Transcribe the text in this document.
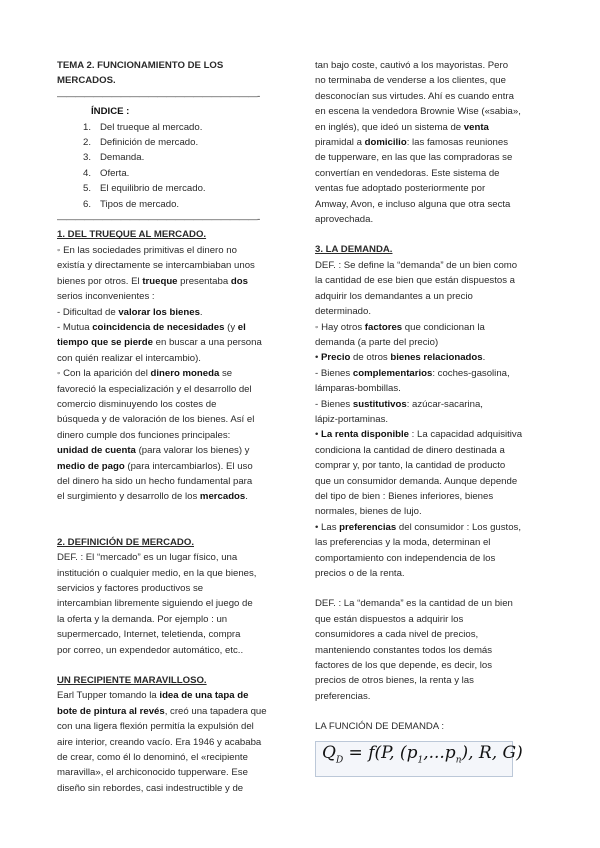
TEMA 2. FUNCIONAMIENTO DE LOS
MERCADOS.
——————————————————————-
ÍNDICE :
1. Del trueque al mercado.
2. Definición de mercado.
3. Demanda.
4. Oferta.
5. El equilibrio de mercado.
6. Tipos de mercado.
——————————————————————-
1. DEL TRUEQUE AL MERCADO.
◦ En las sociedades primitivas el dinero no
existía y directamente se intercambiaban unos
bienes por otros. El trueque presentaba dos
serios inconvenientes :
- Dificultad de valorar los bienes.
- Mutua coincidencia de necesidades (y el
tiempo que se pierde en buscar a una persona
con quién realizar el intercambio).
◦ Con la aparición del dinero moneda se
favoreció la especialización y el desarrollo del
comercio disminuyendo los costes de
búsqueda y de valoración de los bienes. Así el
dinero cumple dos funciones principales:
unidad de cuenta (para valorar los bienes) y
medio de pago (para intercambiarlos). El uso
del dinero ha sido un hecho fundamental para
el surgimiento y desarrollo de los mercados.
2. DEFINICIÓN DE MERCADO.
DEF. : El “mercado” es un lugar físico, una
institución o cualquier medio, en la que bienes,
servicios y factores productivos se
intercambian libremente siguiendo el juego de
la oferta y la demanda. Por ejemplo : un
supermercado, Internet, teletienda, compra
por correo, un expendedor automático, etc..
UN RECIPIENTE MARAVILLOSO.
Earl Tupper tomando la idea de una tapa de
bote de pintura al revés, creó una tapadera que
con una ligera flexión permitía la expulsión del
aire interior, creando vacío. Era 1946 y acababa
de crear, como él lo denominó, el «recipiente
maravilla», el archiconocido tupperware. Ese
diseño sin rebordes, casi indestructible y de
tan bajo coste, cautivó a los mayoristas. Pero
no terminaba de venderse a los clientes, que
desconocían sus virtudes. Ahí es cuando entra
en escena la vendedora Brownie Wise («sabia»,
en inglés), que ideó un sistema de venta
piramidal a domicilio: las famosas reuniones
de tupperware, en las que las compradoras se
convertían en vendedoras. Este sistema de
ventas fue adoptado posteriormente por
Amway, Avon, e incluso alguna que otra secta
aprovechada.
3. LA DEMANDA.
DEF. : Se define la “demanda” de un bien como
la cantidad de ese bien que están dispuestos a
adquirir los demandantes a un precio
determinado.
◦ Hay otros factores que condicionan la
demanda (a parte del precio)
• Precio de otros bienes relacionados.
- Bienes complementarios: coches-gasolina,
lámparas-bombillas.
- Bienes sustitutivos: azúcar-sacarina,
lápiz-portaminas.
• La renta disponible : La capacidad adquisitiva
condiciona la cantidad de dinero destinada a
comprar y, por tanto, la cantidad de producto
que un consumidor demanda. Aunque depende
del tipo de bien : Bienes inferiores, bienes
normales, bienes de lujo.
• Las preferencias del consumidor : Los gustos,
las preferencias y la moda, determinan el
comportamiento con independencia de los
precios o de la renta.
DEF. : La “demanda” es la cantidad de un bien
que están dispuestos a adquirir los
consumidores a cada nivel de precios,
manteniendo constantes todos los demás
factores de los que depende, es decir, los
precios de otros bienes, la renta y las
preferencias.
LA FUNCIÓN DE DEMANDA :
$Q_D = f(P$, $(p_1,...p_n)$, R, G)
